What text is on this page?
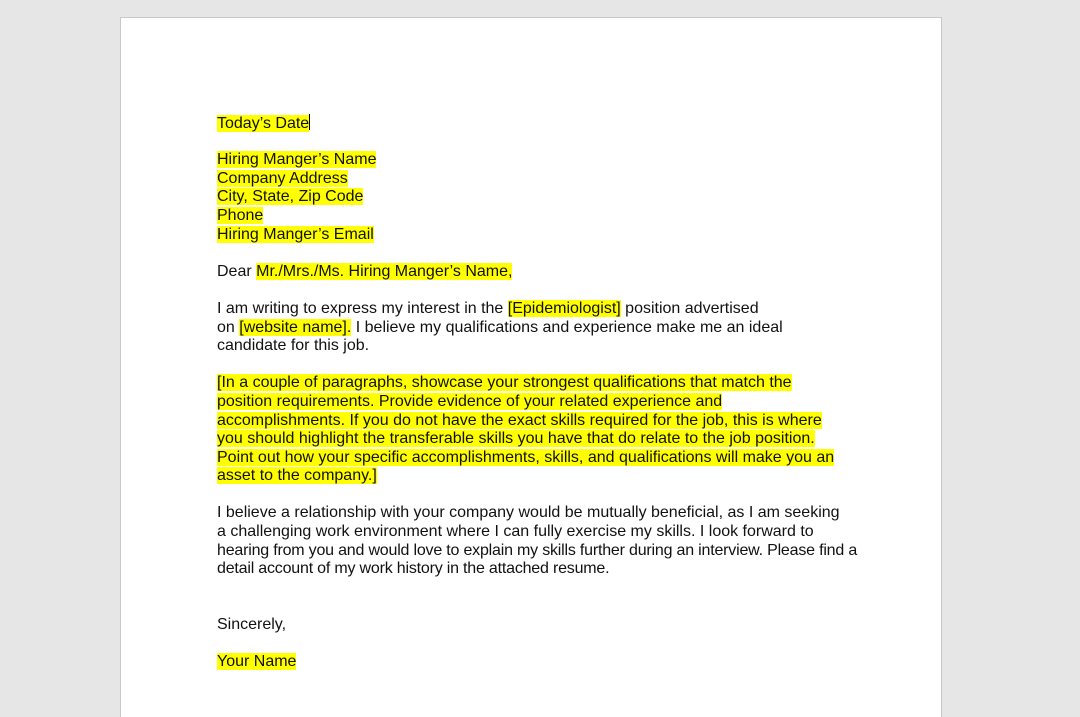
Today’s Date
Hiring Manger’s Name
Company Address
City, State, Zip Code
Phone
Hiring Manger’s Email
Dear Mr./Mrs./Ms. Hiring Manger’s Name,
I am writing to express my interest in the [Epidemiologist] position advertised
on [website name]. I believe my qualifications and experience make me an ideal
candidate for this job.
[In a couple of paragraphs, showcase your strongest qualifications that match the
position requirements. Provide evidence of your related experience and
accomplishments. If you do not have the exact skills required for the job, this is where
you should highlight the transferable skills you have that do relate to the job position.
Point out how your specific accomplishments, skills, and qualifications will make you an
asset to the company.]
I believe a relationship with your company would be mutually beneficial, as I am seeking
a challenging work environment where I can fully exercise my skills. I look forward to
hearing from you and would love to explain my skills further during an interview. Please find a
detail account of my work history in the attached resume.
Sincerely,
Your Name
